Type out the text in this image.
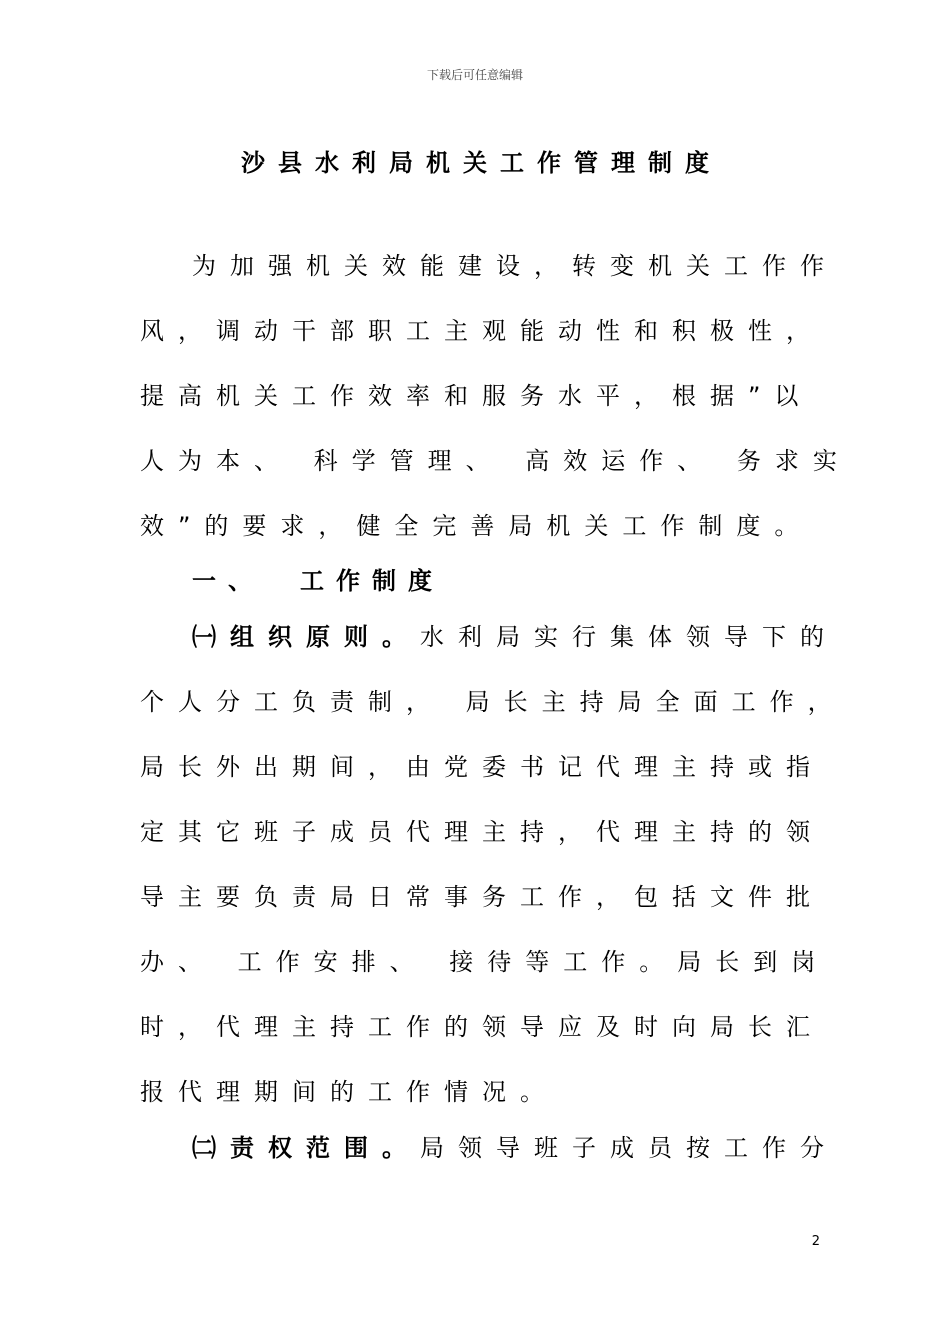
下载后可任意编辑
沙县水利局机关工作管理制度
为加强机关效能建设，转变机关工作作
风，调动干部职工主观能动性和积极性，
提高机关工作效率和服务水平，根据”以
人为本、 科学管理、 高效运作、 务求实
效”的要求，健全完善局机关工作制度。
一、 工作制度
㈠组织原则。水利局实行集体领导下的
个人分工负责制， 局长主持局全面工作，
局长外出期间，由党委书记代理主持或指
定其它班子成员代理主持，代理主持的领
导主要负责局日常事务工作，包括文件批
办、 工作安排、 接待等工作。局长到岗
时，代理主持工作的领导应及时向局长汇
报代理期间的工作情况。
㈡责权范围。局领导班子成员按工作分
2
